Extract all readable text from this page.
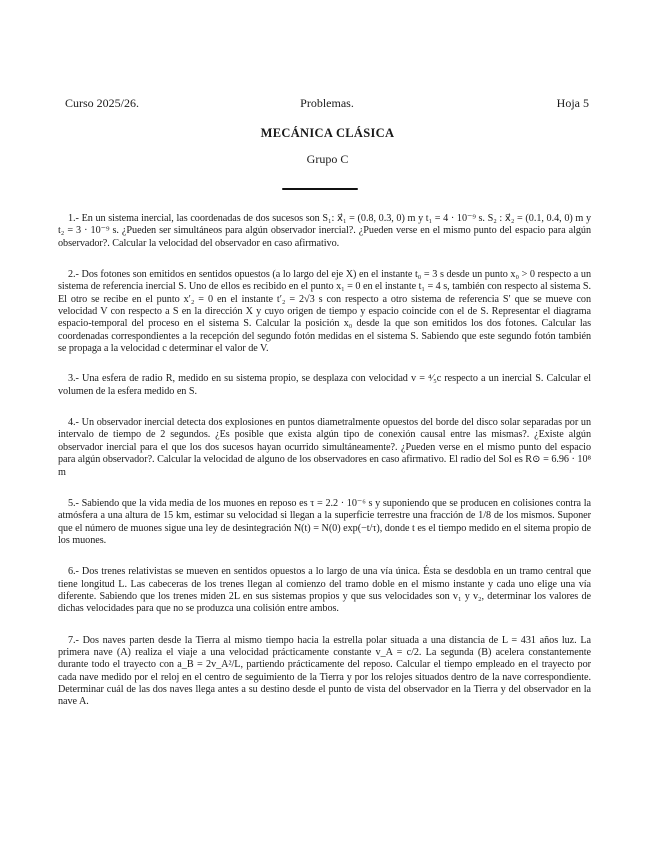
Curso 2025/26.	Problemas.	Hoja 5
MECÁNICA CLÁSICA
Grupo C

1.- En un sistema inercial, las coordenadas de dos sucesos son S₁: x⃗₁ = (0.8, 0.3, 0) m y t₁ = 4 · 10⁻⁹ s. S₂ : x⃗₂ = (0.1, 0.4, 0) m y t₂ = 3 · 10⁻⁹ s. ¿Pueden ser simultáneos para algún observador inercial?. ¿Pueden verse en el mismo punto del espacio para algún observador?. Calcular la velocidad del observador en caso afirmativo.

2.- Dos fotones son emitidos en sentidos opuestos (a lo largo del eje X) en el instante t₀ = 3 s desde un punto x₀ > 0 respecto a un sistema de referencia inercial S. Uno de ellos es recibido en el punto x₁ = 0 en el instante t₁ = 4 s, también con respecto al sistema S. El otro se recibe en el punto x′₂ = 0 en el instante t′₂ = 2√3 s con respecto a otro sistema de referencia S′ que se mueve con velocidad V con respecto a S en la dirección X y cuyo origen de tiempo y espacio coincide con el de S. Representar el diagrama espacio-temporal del proceso en el sistema S. Calcular la posición x₀ desde la que son emitidos los dos fotones. Calcular las coordenadas correspondientes a la recepción del segundo fotón medidas en el sistema S. Sabiendo que este segundo fotón también se propaga a la velocidad c determinar el valor de V.

3.- Una esfera de radio R, medido en su sistema propio, se desplaza con velocidad v = ⁴⁄₅c respecto a un inercial S. Calcular el volumen de la esfera medido en S.

4.- Un observador inercial detecta dos explosiones en puntos diametralmente opuestos del borde del disco solar separadas por un intervalo de tiempo de 2 segundos. ¿Es posible que exista algún tipo de conexión causal entre las mismas?. ¿Existe algún observador inercial para el que los dos sucesos hayan ocurrido simultáneamente?. ¿Pueden verse en el mismo punto del espacio para algún observador?. Calcular la velocidad de alguno de los observadores en caso afirmativo. El radio del Sol es R⊙ = 6.96 · 10⁸ m

5.- Sabiendo que la vida media de los muones en reposo es τ = 2.2 · 10⁻⁶ s y suponiendo que se producen en colisiones contra la atmósfera a una altura de 15 km, estimar su velocidad si llegan a la superficie terrestre una fracción de 1/8 de los mismos. Suponer que el número de muones sigue una ley de desintegración N(t) = N(0) exp(−t/τ), donde t es el tiempo medido en el sitema propio de los muones.

6.- Dos trenes relativistas se mueven en sentidos opuestos a lo largo de una vía única. Ésta se desdobla en un tramo central que tiene longitud L. Las cabeceras de los trenes llegan al comienzo del tramo doble en el mismo instante y cada uno elige una vía diferente. Sabiendo que los trenes miden 2L en sus sistemas propios y que sus velocidades son v₁ y v₂, determinar los valores de dichas velocidades para que no se produzca una colisión entre ambos.

7.- Dos naves parten desde la Tierra al mismo tiempo hacia la estrella polar situada a una distancia de L = 431 años luz. La primera nave (A) realiza el viaje a una velocidad prácticamente constante v_A = c/2. La segunda (B) acelera constantemente durante todo el trayecto con a_B = 2v_A²/L, partiendo prácticamente del reposo. Calcular el tiempo empleado en el trayecto por cada nave medido por el reloj en el centro de seguimiento de la Tierra y por los relojes situados dentro de la nave correspondiente. Determinar cuál de las dos naves llega antes a su destino desde el punto de vista del observador en la Tierra y del observador en la nave A.
